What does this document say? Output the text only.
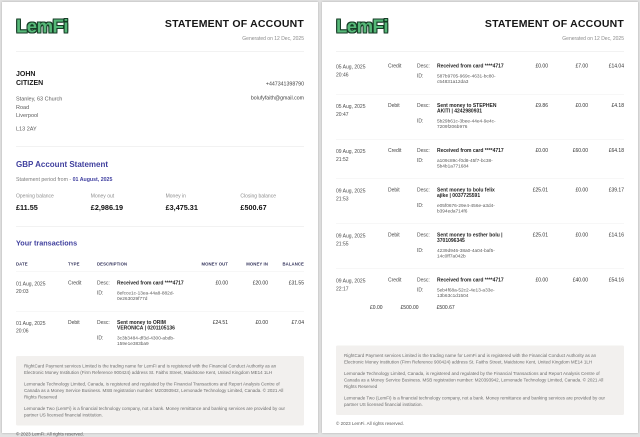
LemFi	STATEMENT OF ACCOUNT
Generated on 12 Dec, 2025
JOHN
CITIZEN
Stanley, 63 Church
Road
Liverpool
L13 2AY
+447341398790
bolufyfaith@gmail.com
GBP Account Statement
Statement period from - 01 August, 2025
Opening balance
£11.55
Money out
£2,986.19
Money in
£3,475.31
Closing balance
£500.67
Your transactions
DATE	TYPE	DESCRIPTION	MONEY OUT	MONEY IN	BALANCE
01 Aug, 2025
20:03
Credit	Desc: Received from card ****4717
ID:	8efcce1c-13ea-44a8-882d-0e263029f77d
£0.00	£20.00	£31.55
01 Aug, 2025
20:06
Debit	Desc: Sent money to ORIM VERONICA | 0201105136
ID:	3c3b3484-df3d-4300-abdb-159e1e383ba9
£24.51	£0.00	£7.04

RightCard Payment services Limited is the trading name for LemFi and is registered with the Financial Conduct Authority as an Electronic Money Institution (Firm Reference 900424) address St. Faiths Street, Maidstone Kent, United Kingdom ME14 1LH

Lemonade Technology Limited, Canada, is registered and regulated by the Financial Transactions and Report Analysis Centre of Canada as a Money Service Business. MSB registration number: M20393942, Lemonade Technology Limited, Canada. © 2021 All Rights Reserved

Lemonade Two (LemFi) is a financial technology company, not a bank. Money remittance and banking services are provided by our partner US licensed financial institution.

© 2023 LemFi. All rights reserved.
LemFi	STATEMENT OF ACCOUNT
Generated on 12 Dec, 2025
05 Aug, 2025
20:46
Credit	Desc: Received from card ****4717
ID:	587b9705-969c-4631-bc80-c54831a12da3
£0.00	£7.00	£14.04
05 Aug, 2025
20:47
Debit	Desc: Sent money to STEPHEN AKITI | 4242980931
ID:	5b29b61c-3bee-44e4-9e4c-7209f206b976
£9.86	£0.00	£4.18
09 Aug, 2025
21:52
Credit	Desc: Received from card ****4717
ID:	a109c89c-f0d8-45f7-bc38-5b4b1a771684
£0.00	£60.00	£64.18
09 Aug, 2025
21:53
Debit	Desc: Sent money to bolu felix ajike | 0037725591
ID:	e05f0676-29e4-456e-a3d4-b394eda714f6
£25.01	£0.00	£39.17
09 Aug, 2025
21:55
Debit	Desc: Sent money to esther bolu | 3701096345
ID:	4239d946-38a0-4a04-baf5-14c0ff7a042b
£25.01	£0.00	£14.16
09 Aug, 2025
22:17
Credit	Desc: Received from card ****4717
ID:	5eb4f68a-52c2-4e13-a33e-13b63c1d1504
£0.00	£40.00	£54.16
£0.00 £500.00 £500.67

RightCard Payment services Limited is the trading name for LemFi and is registered with the Financial Conduct Authority as an Electronic Money Institution (Firm Reference 900424) address St. Faiths Street, Maidstone Kent, United Kingdom ME14 1LH

Lemonade Technology Limited, Canada, is registered and regulated by the Financial Transactions and Report Analysis Centre of Canada as a Money Service Business. MSB registration number: M20393942, Lemonade Technology Limited, Canada. © 2021 All Rights Reserved

Lemonade Two (LemFi) is a financial technology company, not a bank. Money remittance and banking services are provided by our partner US licensed financial institution.

© 2023 LemFi. All rights reserved.
